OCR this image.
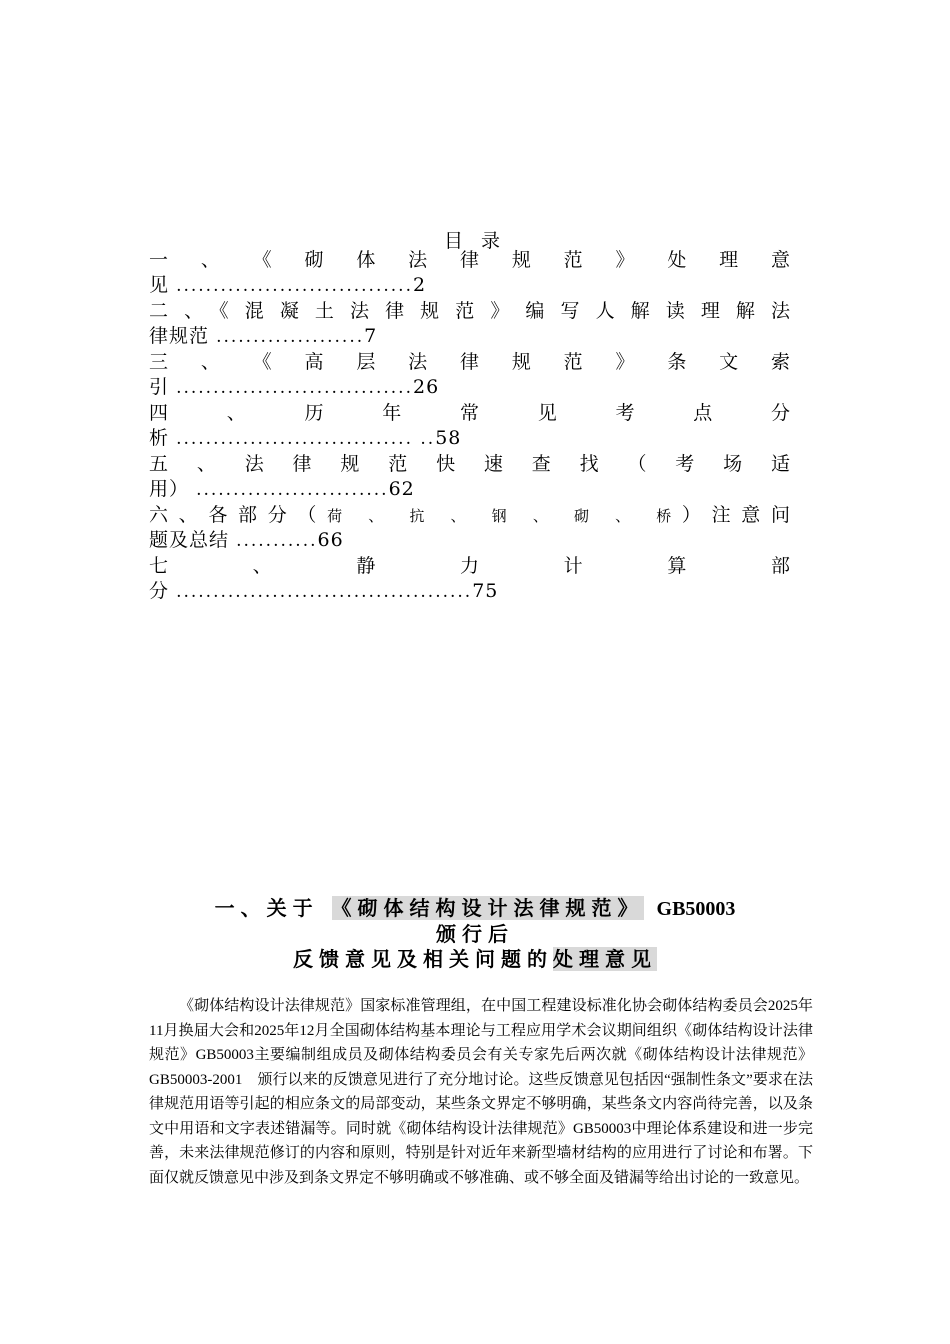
目 录
一 、 《 砌 体 法 律 规 范 》 处 理 意
见 ................................2
二、《混凝土法律规范》编写人解读理解法
律规范 ....................7
三 、 《 高 层 法 律 规 范 》 条 文 索
引 ................................26
四 、 历 年 常 见 考 点 分
析 ................................ ..58
五 、 法 律 规 范 快 速 查 找 （ 考 场 适
用） ..........................62
六、各部分（荷 、 抗 、 钢 、 砌 、 桥）注意问
题及总结 ...........66
七 、 静 力 计 算 部
分 ........................................75
一、关于 《砌体结构设计法律规范》 GB50003
颁行后
反馈意见及相关问题的处理意见
《砌体结构设计法律规范》国家标准管理组，在中国工程建设标准化协会砌体结构委员会2025年11月换届大会和2025年12月全国砌体结构基本理论与工程应用学术会议期间组织《砌体结构设计法律规范》GB50003主要编制组成员及砌体结构委员会有关专家先后两次就《砌体结构设计法律规范》GB50003-2001　颁行以来的反馈意见进行了充分地讨论。这些反馈意见包括因“强制性条文”要求在法律规范用语等引起的相应条文的局部变动，某些条文界定不够明确，某些条文内容尚待完善，以及条文中用语和文字表述错漏等。同时就《砌体结构设计法律规范》GB50003中理论体系建设和进一步完善，未来法律规范修订的内容和原则，特别是针对近年来新型墙材结构的应用进行了讨论和布署。下面仅就反馈意见中涉及到条文界定不够明确或不够准确、或不够全面及错漏等给出讨论的一致意见。
